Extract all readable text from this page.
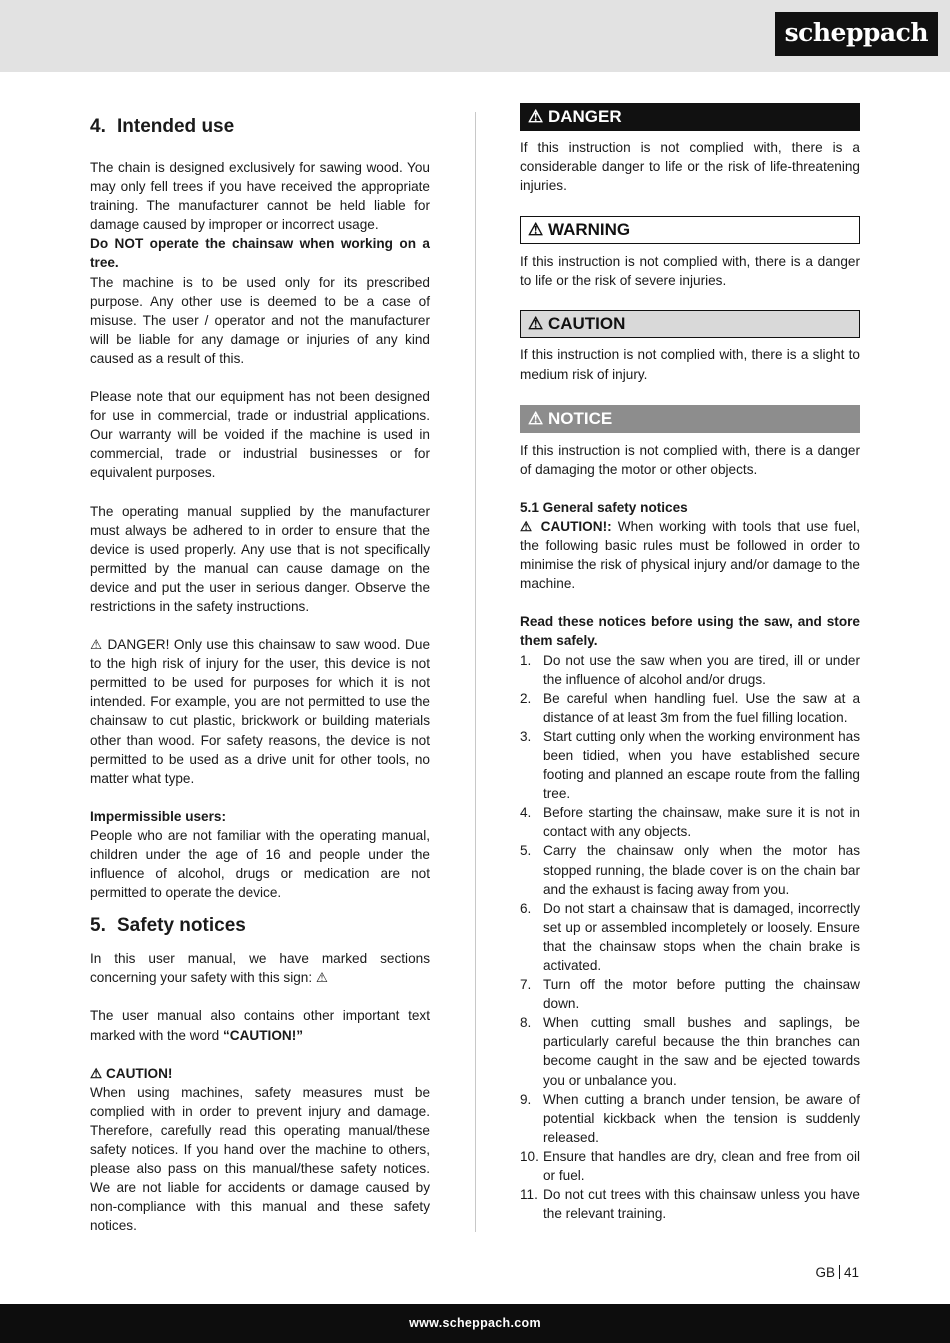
scheppach
4. Intended use

The chain is designed exclusively for sawing wood. You may only fell trees if you have received the appropriate training. The manufacturer cannot be held liable for damage caused by improper or incorrect usage.

Do NOT operate the chainsaw when working on a tree.

The machine is to be used only for its prescribed purpose. Any other use is deemed to be a case of misuse. The user / operator and not the manufacturer will be liable for any damage or injuries of any kind caused as a result of this.

Please note that our equipment has not been designed for use in commercial, trade or industrial applications. Our warranty will be voided if the machine is used in commercial, trade or industrial businesses or for equivalent purposes.

The operating manual supplied by the manufacturer must always be adhered to in order to ensure that the device is used properly. Any use that is not specifically permitted by the manual can cause damage on the device and put the user in serious danger. Observe the restrictions in the safety instructions.

⚠ DANGER! Only use this chainsaw to saw wood. Due to the high risk of injury for the user, this device is not permitted to be used for purposes for which it is not intended. For example, you are not permitted to use the chainsaw to cut plastic, brickwork or building materials other than wood. For safety reasons, the device is not permitted to be used as a drive unit for other tools, no matter what type.

Impermissible users:

People who are not familiar with the operating manual, children under the age of 16 and people under the influence of alcohol, drugs or medication are not permitted to operate the device.

5. Safety notices

In this user manual, we have marked sections concerning your safety with this sign: ⚠

The user manual also contains other important text marked with the word “CAUTION!”

⚠ CAUTION!

When using machines, safety measures must be complied with in order to prevent injury and damage. Therefore, carefully read this operating manual/these safety notices. If you hand over the machine to others, please also pass on this manual/these safety notices. We are not liable for accidents or damage caused by non-compliance with this manual and these safety notices.

⚠ DANGER

If this instruction is not complied with, there is a considerable danger to life or the risk of life-threatening injuries.

⚠ WARNING

If this instruction is not complied with, there is a danger to life or the risk of severe injuries.

⚠ CAUTION

If this instruction is not complied with, there is a slight to medium risk of injury.

⚠ NOTICE

If this instruction is not complied with, there is a danger of damaging the motor or other objects.

5.1 General safety notices

⚠ CAUTION!: When working with tools that use fuel, the following basic rules must be followed in order to minimise the risk of physical injury and/or damage to the machine.

Read these notices before using the saw, and store them safely.

1. Do not use the saw when you are tired, ill or under the influence of alcohol and/or drugs.
2. Be careful when handling fuel. Use the saw at a distance of at least 3m from the fuel filling location.
3. Start cutting only when the working environment has been tidied, when you have established secure footing and planned an escape route from the falling tree.
4. Before starting the chainsaw, make sure it is not in contact with any objects.
5. Carry the chainsaw only when the motor has stopped running, the blade cover is on the chain bar and the exhaust is facing away from you.
6. Do not start a chainsaw that is damaged, incorrectly set up or assembled incompletely or loosely. Ensure that the chainsaw stops when the chain brake is activated.
7. Turn off the motor before putting the chainsaw down.
8. When cutting small bushes and saplings, be particularly careful because the thin branches can become caught in the saw and be ejected towards you or unbalance you.
9. When cutting a branch under tension, be aware of potential kickback when the tension is suddenly released.
10. Ensure that handles are dry, clean and free from oil or fuel.
11. Do not cut trees with this chainsaw unless you have the relevant training.
GB 41
www.scheppach.com
